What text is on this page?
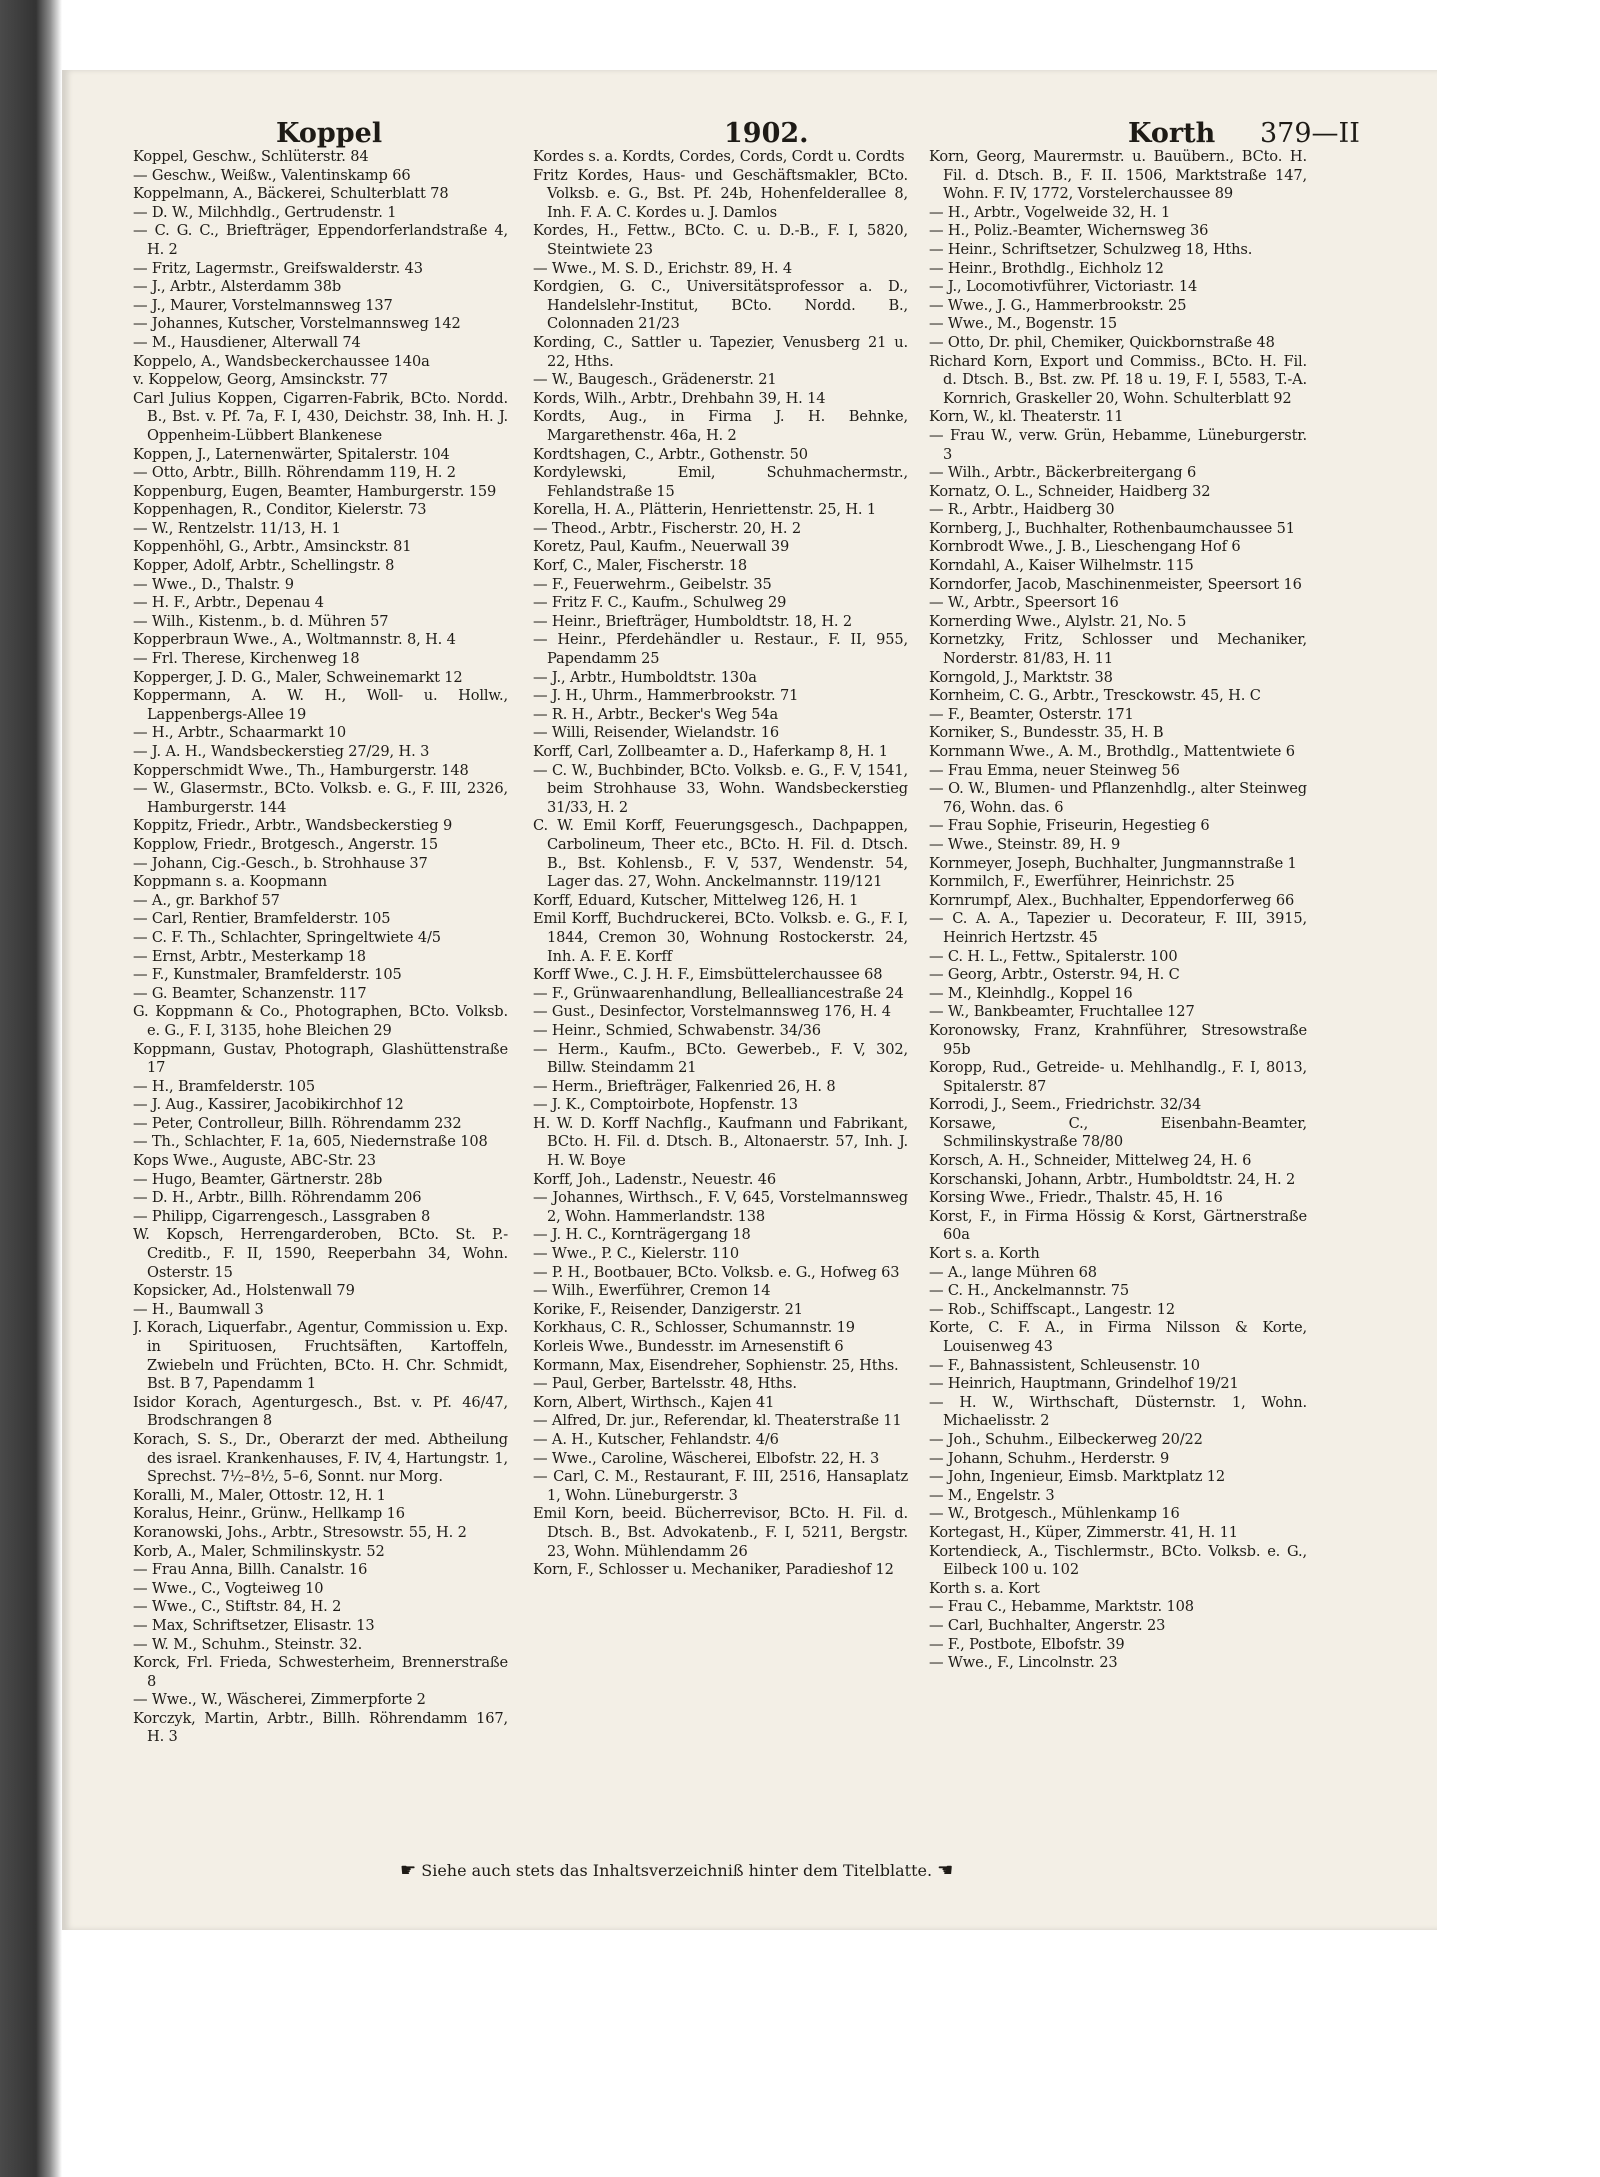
Koppel	1902.	Korth 379—II

Koppel, Geschw., Schlüterstr. 84

— Geschw., Weißw., Valentinskamp 66

Koppelmann, A., Bäckerei, Schulterblatt 78

— D. W., Milchhdlg., Gertrudenstr. 1

— C. G. C., Briefträger, Eppendorferlandstraße 4, H. 2

— Fritz, Lagermstr., Greifswalderstr. 43

— J., Arbtr., Alsterdamm 38b

— J., Maurer, Vorstelmannsweg 137

— Johannes, Kutscher, Vorstelmannsweg 142

— M., Hausdiener, Alterwall 74

Koppelo, A., Wandsbeckerchaussee 140a

v. Koppelow, Georg, Amsinckstr. 77

Carl Julius Koppen, Cigarren-Fabrik, BCto. Nordd. B., Bst. v. Pf. 7a, F. I, 430, Deichstr. 38, Inh. H. J. Oppenheim-Lübbert Blankenese

Koppen, J., Laternenwärter, Spitalerstr. 104

— Otto, Arbtr., Billh. Röhrendamm 119, H. 2

Koppenburg, Eugen, Beamter, Hamburgerstr. 159

Koppenhagen, R., Conditor, Kielerstr. 73

— W., Rentzelstr. 11/13, H. 1

Koppenhöhl, G., Arbtr., Amsinckstr. 81

Kopper, Adolf, Arbtr., Schellingstr. 8

— Wwe., D., Thalstr. 9

— H. F., Arbtr., Depenau 4

— Wilh., Kistenm., b. d. Mühren 57

Kopperbraun Wwe., A., Woltmannstr. 8, H. 4

— Frl. Therese, Kirchenweg 18

Kopperger, J. D. G., Maler, Schweinemarkt 12

Koppermann, A. W. H., Woll- u. Hollw., Lappenbergs-Allee 19

— H., Arbtr., Schaarmarkt 10

— J. A. H., Wandsbeckerstieg 27/29, H. 3

Kopperschmidt Wwe., Th., Hamburgerstr. 148

— W., Glasermstr., BCto. Volksb. e. G., F. III, 2326, Hamburgerstr. 144

Koppitz, Friedr., Arbtr., Wandsbeckerstieg 9

Kopplow, Friedr., Brotgesch., Angerstr. 15

— Johann, Cig.-Gesch., b. Strohhause 37

Koppmann s. a. Koopmann

— A., gr. Barkhof 57

— Carl, Rentier, Bramfelderstr. 105

— C. F. Th., Schlachter, Springeltwiete 4/5

— Ernst, Arbtr., Mesterkamp 18

— F., Kunstmaler, Bramfelderstr. 105

— G. Beamter, Schanzenstr. 117

G. Koppmann & Co., Photographen, BCto. Volksb. e. G., F. I, 3135, hohe Bleichen 29

Koppmann, Gustav, Photograph, Glashüttenstraße 17

— H., Bramfelderstr. 105

— J. Aug., Kassirer, Jacobikirchhof 12

— Peter, Controlleur, Billh. Röhrendamm 232

— Th., Schlachter, F. 1a, 605, Niedernstraße 108

Kops Wwe., Auguste, ABC-Str. 23

— Hugo, Beamter, Gärtnerstr. 28b

— D. H., Arbtr., Billh. Röhrendamm 206

— Philipp, Cigarrengesch., Lassgraben 8

W. Kopsch, Herrengarderoben, BCto. St. P.-Creditb., F. II, 1590, Reeperbahn 34, Wohn. Osterstr. 15

Kopsicker, Ad., Holstenwall 79

— H., Baumwall 3

J. Korach, Liquerfabr., Agentur, Commission u. Exp. in Spirituosen, Fruchtsäften, Kartoffeln, Zwiebeln und Früchten, BCto. H. Chr. Schmidt, Bst. B 7, Papendamm 1

Isidor Korach, Agenturgesch., Bst. v. Pf. 46/47, Brodschrangen 8

Korach, S. S., Dr., Oberarzt der med. Abtheilung des israel. Krankenhauses, F. IV, 4, Hartungstr. 1, Sprechst. 7½–8½, 5–6, Sonnt. nur Morg.

Koralli, M., Maler, Ottostr. 12, H. 1

Koralus, Heinr., Grünw., Hellkamp 16

Koranowski, Johs., Arbtr., Stresowstr. 55, H. 2

Korb, A., Maler, Schmilinskystr. 52

— Frau Anna, Billh. Canalstr. 16

— Wwe., C., Vogteiweg 10

— Wwe., C., Stiftstr. 84, H. 2

— Max, Schriftsetzer, Elisastr. 13

— W. M., Schuhm., Steinstr. 32.

Korck, Frl. Frieda, Schwesterheim, Brennerstraße 8

— Wwe., W., Wäscherei, Zimmerpforte 2

Korczyk, Martin, Arbtr., Billh. Röhrendamm 167, H. 3

Kordes s. a. Kordts, Cordes, Cords, Cordt u. Cordts

Fritz Kordes, Haus- und Geschäftsmakler, BCto. Volksb. e. G., Bst. Pf. 24b, Hohenfelderallee 8, Inh. F. A. C. Kordes u. J. Damlos

Kordes, H., Fettw., BCto. C. u. D.-B., F. I, 5820, Steintwiete 23

— Wwe., M. S. D., Erichstr. 89, H. 4

Kordgien, G. C., Universitätsprofessor a. D., Handelslehr-Institut, BCto. Nordd. B., Colonnaden 21/23

Kording, C., Sattler u. Tapezier, Venusberg 21 u. 22, Hths.

— W., Baugesch., Grädenerstr. 21

Kords, Wilh., Arbtr., Drehbahn 39, H. 14

Kordts, Aug., in Firma J. H. Behnke, Margarethenstr. 46a, H. 2

Kordtshagen, C., Arbtr., Gothenstr. 50

Kordylewski, Emil, Schuhmachermstr., Fehlandstraße 15

Korella, H. A., Plätterin, Henriettenstr. 25, H. 1

— Theod., Arbtr., Fischerstr. 20, H. 2

Koretz, Paul, Kaufm., Neuerwall 39

Korf, C., Maler, Fischerstr. 18

— F., Feuerwehrm., Geibelstr. 35

— Fritz F. C., Kaufm., Schulweg 29

— Heinr., Briefträger, Humboldtstr. 18, H. 2

— Heinr., Pferdehändler u. Restaur., F. II, 955, Papendamm 25

— J., Arbtr., Humboldtstr. 130a

— J. H., Uhrm., Hammerbrookstr. 71

— R. H., Arbtr., Becker's Weg 54a

— Willi, Reisender, Wielandstr. 16

Korff, Carl, Zollbeamter a. D., Haferkamp 8, H. 1

— C. W., Buchbinder, BCto. Volksb. e. G., F. V, 1541, beim Strohhause 33, Wohn. Wandsbeckerstieg 31/33, H. 2

C. W. Emil Korff, Feuerungsgesch., Dachpappen, Carbolineum, Theer etc., BCto. H. Fil. d. Dtsch. B., Bst. Kohlensb., F. V, 537, Wendenstr. 54, Lager das. 27, Wohn. Anckelmannstr. 119/121

Korff, Eduard, Kutscher, Mittelweg 126, H. 1

Emil Korff, Buchdruckerei, BCto. Volksb. e. G., F. I, 1844, Cremon 30, Wohnung Rostockerstr. 24, Inh. A. F. E. Korff

Korff Wwe., C. J. H. F., Eimsbüttelerchaussee 68

— F., Grünwaarenhandlung, Bellealliancestraße 24

— Gust., Desinfector, Vorstelmannsweg 176, H. 4

— Heinr., Schmied, Schwabenstr. 34/36

— Herm., Kaufm., BCto. Gewerbeb., F. V, 302, Billw. Steindamm 21

— Herm., Briefträger, Falkenried 26, H. 8

— J. K., Comptoirbote, Hopfenstr. 13

H. W. D. Korff Nachflg., Kaufmann und Fabrikant, BCto. H. Fil. d. Dtsch. B., Altonaerstr. 57, Inh. J. H. W. Boye

Korff, Joh., Ladenstr., Neuestr. 46

— Johannes, Wirthsch., F. V, 645, Vorstelmannsweg 2, Wohn. Hammerlandstr. 138

— J. H. C., Kornträgergang 18

— Wwe., P. C., Kielerstr. 110

— P. H., Bootbauer, BCto. Volksb. e. G., Hofweg 63

— Wilh., Ewerführer, Cremon 14

Korike, F., Reisender, Danzigerstr. 21

Korkhaus, C. R., Schlosser, Schumannstr. 19

Korleis Wwe., Bundesstr. im Arnesenstift 6

Kormann, Max, Eisendreher, Sophienstr. 25, Hths.

— Paul, Gerber, Bartelsstr. 48, Hths.

Korn, Albert, Wirthsch., Kajen 41

— Alfred, Dr. jur., Referendar, kl. Theaterstraße 11

— A. H., Kutscher, Fehlandstr. 4/6

— Wwe., Caroline, Wäscherei, Elbofstr. 22, H. 3

— Carl, C. M., Restaurant, F. III, 2516, Hansaplatz 1, Wohn. Lüneburgerstr. 3

Emil Korn, beeid. Bücherrevisor, BCto. H. Fil. d. Dtsch. B., Bst. Advokatenb., F. I, 5211, Bergstr. 23, Wohn. Mühlendamm 26

Korn, F., Schlosser u. Mechaniker, Paradieshof 12

Korn, Georg, Maurermstr. u. Bauübern., BCto. H. Fil. d. Dtsch. B., F. II. 1506, Marktstraße 147, Wohn. F. IV, 1772, Vorstelerchaussee 89

— H., Arbtr., Vogelweide 32, H. 1

— H., Poliz.-Beamter, Wichernsweg 36

— Heinr., Schriftsetzer, Schulzweg 18, Hths.

— Heinr., Brothdlg., Eichholz 12

— J., Locomotivführer, Victoriastr. 14

— Wwe., J. G., Hammerbrookstr. 25

— Wwe., M., Bogenstr. 15

— Otto, Dr. phil, Chemiker, Quickbornstraße 48

Richard Korn, Export und Commiss., BCto. H. Fil. d. Dtsch. B., Bst. zw. Pf. 18 u. 19, F. I, 5583, T.-A. Kornrich, Graskeller 20, Wohn. Schulterblatt 92

Korn, W., kl. Theaterstr. 11

— Frau W., verw. Grün, Hebamme, Lüneburgerstr. 3

— Wilh., Arbtr., Bäckerbreitergang 6

Kornatz, O. L., Schneider, Haidberg 32

— R., Arbtr., Haidberg 30

Kornberg, J., Buchhalter, Rothenbaumchaussee 51

Kornbrodt Wwe., J. B., Lieschengang Hof 6

Korndahl, A., Kaiser Wilhelmstr. 115

Korndorfer, Jacob, Maschinenmeister, Speersort 16

— W., Arbtr., Speersort 16

Kornerding Wwe., Alylstr. 21, No. 5

Kornetzky, Fritz, Schlosser und Mechaniker, Norderstr. 81/83, H. 11

Korngold, J., Marktstr. 38

Kornheim, C. G., Arbtr., Tresckowstr. 45, H. C

— F., Beamter, Osterstr. 171

Korniker, S., Bundesstr. 35, H. B

Kornmann Wwe., A. M., Brothdlg., Mattentwiete 6

— Frau Emma, neuer Steinweg 56

— O. W., Blumen- und Pflanzenhdlg., alter Steinweg 76, Wohn. das. 6

— Frau Sophie, Friseurin, Hegestieg 6

— Wwe., Steinstr. 89, H. 9

Kornmeyer, Joseph, Buchhalter, Jungmannstraße 1

Kornmilch, F., Ewerführer, Heinrichstr. 25

Kornrumpf, Alex., Buchhalter, Eppendorferweg 66

— C. A. A., Tapezier u. Decorateur, F. III, 3915, Heinrich Hertzstr. 45

— C. H. L., Fettw., Spitalerstr. 100

— Georg, Arbtr., Osterstr. 94, H. C

— M., Kleinhdlg., Koppel 16

— W., Bankbeamter, Fruchtallee 127

Koronowsky, Franz, Krahnführer, Stresowstraße 95b

Koropp, Rud., Getreide- u. Mehlhandlg., F. I, 8013, Spitalerstr. 87

Korrodi, J., Seem., Friedrichstr. 32/34

Korsawe, C., Eisenbahn-Beamter, Schmilinskystraße 78/80

Korsch, A. H., Schneider, Mittelweg 24, H. 6

Korschanski, Johann, Arbtr., Humboldtstr. 24, H. 2

Korsing Wwe., Friedr., Thalstr. 45, H. 16

Korst, F., in Firma Hössig & Korst, Gärtnerstraße 60a

Kort s. a. Korth

— A., lange Mühren 68

— C. H., Anckelmannstr. 75

— Rob., Schiffscapt., Langestr. 12

Korte, C. F. A., in Firma Nilsson & Korte, Louisenweg 43

— F., Bahnassistent, Schleusenstr. 10

— Heinrich, Hauptmann, Grindelhof 19/21

— H. W., Wirthschaft, Düsternstr. 1, Wohn. Michaelisstr. 2

— Joh., Schuhm., Eilbeckerweg 20/22

— Johann, Schuhm., Herderstr. 9

— John, Ingenieur, Eimsb. Marktplatz 12

— M., Engelstr. 3

— W., Brotgesch., Mühlenkamp 16

Kortegast, H., Küper, Zimmerstr. 41, H. 11

Kortendieck, A., Tischlermstr., BCto. Volksb. e. G., Eilbeck 100 u. 102

Korth s. a. Kort

— Frau C., Hebamme, Marktstr. 108

— Carl, Buchhalter, Angerstr. 23

— F., Postbote, Elbofstr. 39

— Wwe., F., Lincolnstr. 23

☛ Siehe auch stets das Inhaltsverzeichniß hinter dem Titelblatte. ☚
